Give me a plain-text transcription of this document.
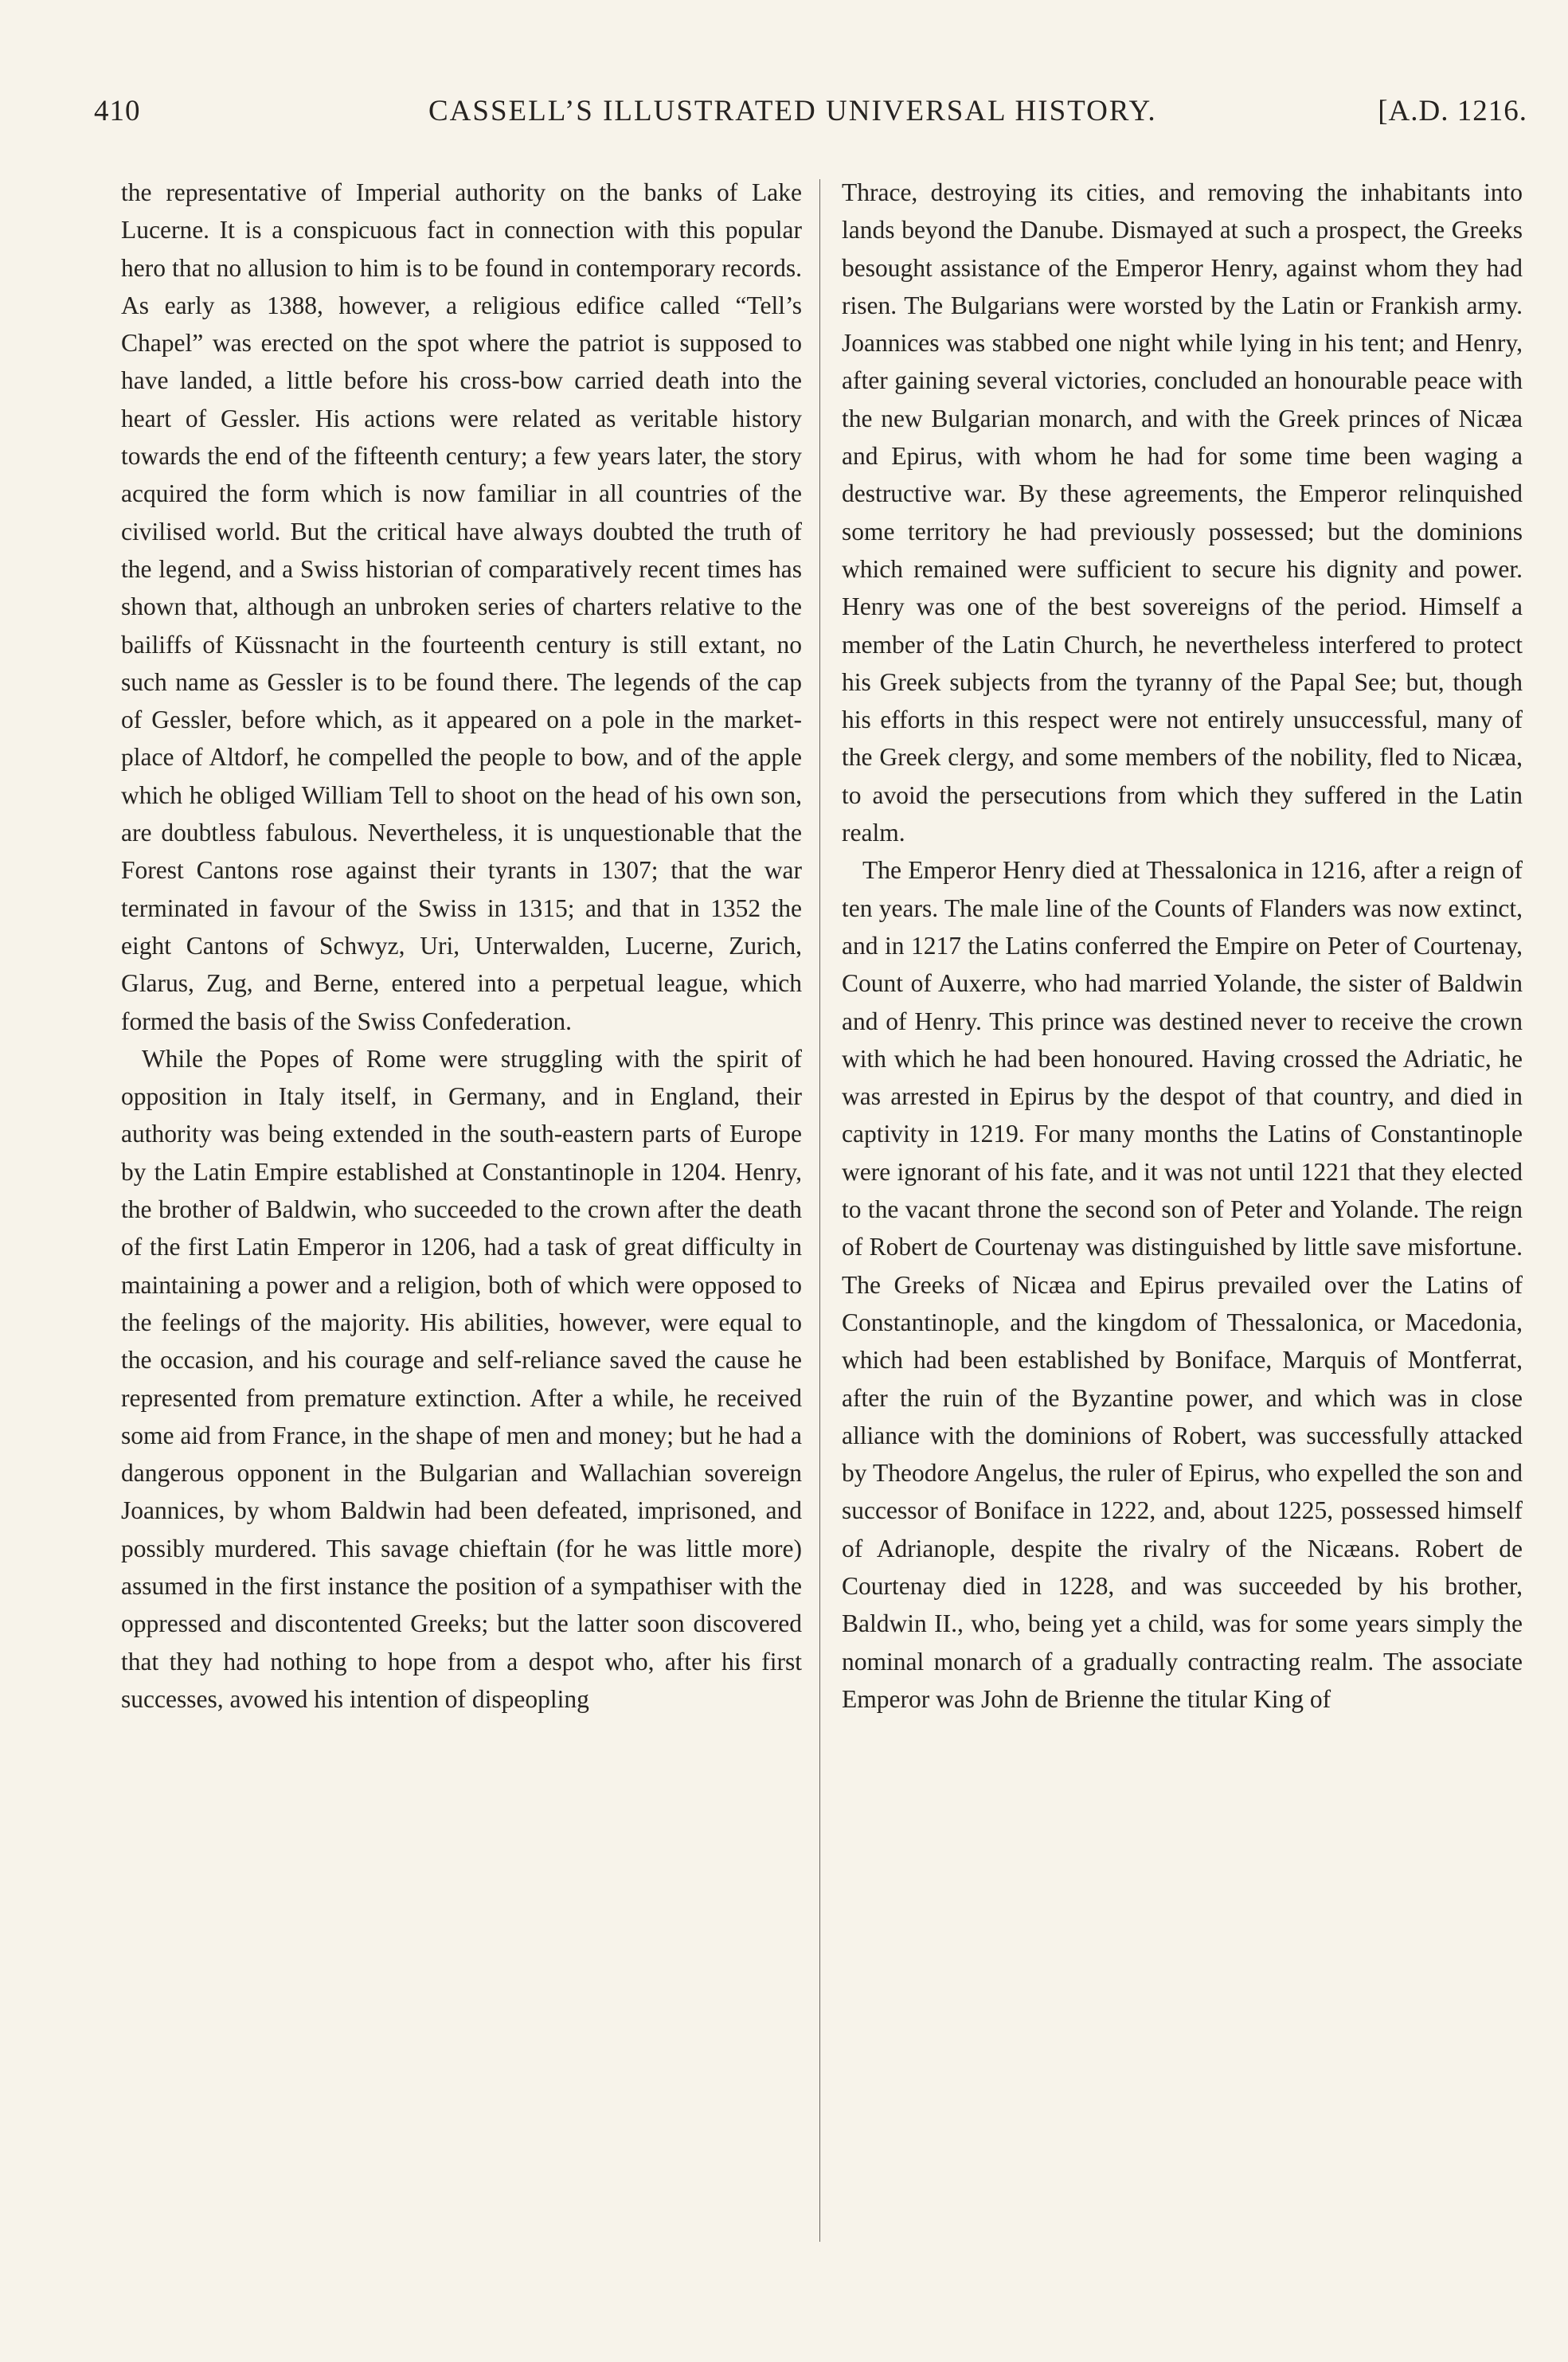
410	CASSELL’S ILLUSTRATED UNIVERSAL HISTORY.	[A.D. 1216.

the representative of Imperial authority on the banks of Lake Lucerne. It is a conspicuous fact in connection with this popular hero that no allusion to him is to be found in contemporary records. As early as 1388, however, a religious edifice called “Tell’s Chapel” was erected on the spot where the patriot is supposed to have landed, a little before his cross-bow carried death into the heart of Gessler. His actions were related as veritable history towards the end of the fifteenth century; a few years later, the story acquired the form which is now familiar in all countries of the civilised world. But the critical have always doubted the truth of the legend, and a Swiss historian of comparatively recent times has shown that, although an unbroken series of charters relative to the bailiffs of Küssnacht in the fourteenth century is still extant, no such name as Gessler is to be found there. The legends of the cap of Gessler, before which, as it appeared on a pole in the market-place of Altdorf, he compelled the people to bow, and of the apple which he obliged William Tell to shoot on the head of his own son, are doubtless fabulous. Nevertheless, it is unquestionable that the Forest Cantons rose against their tyrants in 1307; that the war terminated in favour of the Swiss in 1315; and that in 1352 the eight Cantons of Schwyz, Uri, Unterwalden, Lucerne, Zurich, Glarus, Zug, and Berne, entered into a perpetual league, which formed the basis of the Swiss Confederation.

While the Popes of Rome were struggling with the spirit of opposition in Italy itself, in Germany, and in England, their authority was being extended in the south-eastern parts of Europe by the Latin Empire established at Constantinople in 1204. Henry, the brother of Baldwin, who succeeded to the crown after the death of the first Latin Emperor in 1206, had a task of great difficulty in maintaining a power and a religion, both of which were opposed to the feelings of the majority. His abilities, however, were equal to the occasion, and his courage and self-reliance saved the cause he represented from premature extinction. After a while, he received some aid from France, in the shape of men and money; but he had a dangerous opponent in the Bulgarian and Wallachian sovereign Joannices, by whom Baldwin had been defeated, imprisoned, and possibly murdered. This savage chieftain (for he was little more) assumed in the first instance the position of a sympathiser with the oppressed and discontented Greeks; but the latter soon discovered that they had nothing to hope from a despot who, after his first successes, avowed his intention of dispeopling

Thrace, destroying its cities, and removing the inhabitants into lands beyond the Danube. Dismayed at such a prospect, the Greeks besought assistance of the Emperor Henry, against whom they had risen. The Bulgarians were worsted by the Latin or Frankish army. Joannices was stabbed one night while lying in his tent; and Henry, after gaining several victories, concluded an honourable peace with the new Bulgarian monarch, and with the Greek princes of Nicæa and Epirus, with whom he had for some time been waging a destructive war. By these agreements, the Emperor relinquished some territory he had previously possessed; but the dominions which remained were sufficient to secure his dignity and power. Henry was one of the best sovereigns of the period. Himself a member of the Latin Church, he nevertheless interfered to protect his Greek subjects from the tyranny of the Papal See; but, though his efforts in this respect were not entirely unsuccessful, many of the Greek clergy, and some members of the nobility, fled to Nicæa, to avoid the persecutions from which they suffered in the Latin realm.

The Emperor Henry died at Thessalonica in 1216, after a reign of ten years. The male line of the Counts of Flanders was now extinct, and in 1217 the Latins conferred the Empire on Peter of Courtenay, Count of Auxerre, who had married Yolande, the sister of Baldwin and of Henry. This prince was destined never to receive the crown with which he had been honoured. Having crossed the Adriatic, he was arrested in Epirus by the despot of that country, and died in captivity in 1219. For many months the Latins of Constantinople were ignorant of his fate, and it was not until 1221 that they elected to the vacant throne the second son of Peter and Yolande. The reign of Robert de Courtenay was distinguished by little save misfortune. The Greeks of Nicæa and Epirus prevailed over the Latins of Constantinople, and the kingdom of Thessalonica, or Macedonia, which had been established by Boniface, Marquis of Montferrat, after the ruin of the Byzantine power, and which was in close alliance with the dominions of Robert, was successfully attacked by Theodore Angelus, the ruler of Epirus, who expelled the son and successor of Boniface in 1222, and, about 1225, possessed himself of Adrianople, despite the rivalry of the Nicæans. Robert de Courtenay died in 1228, and was succeeded by his brother, Baldwin II., who, being yet a child, was for some years simply the nominal monarch of a gradually contracting realm. The associate Emperor was John de Brienne the titular King of
